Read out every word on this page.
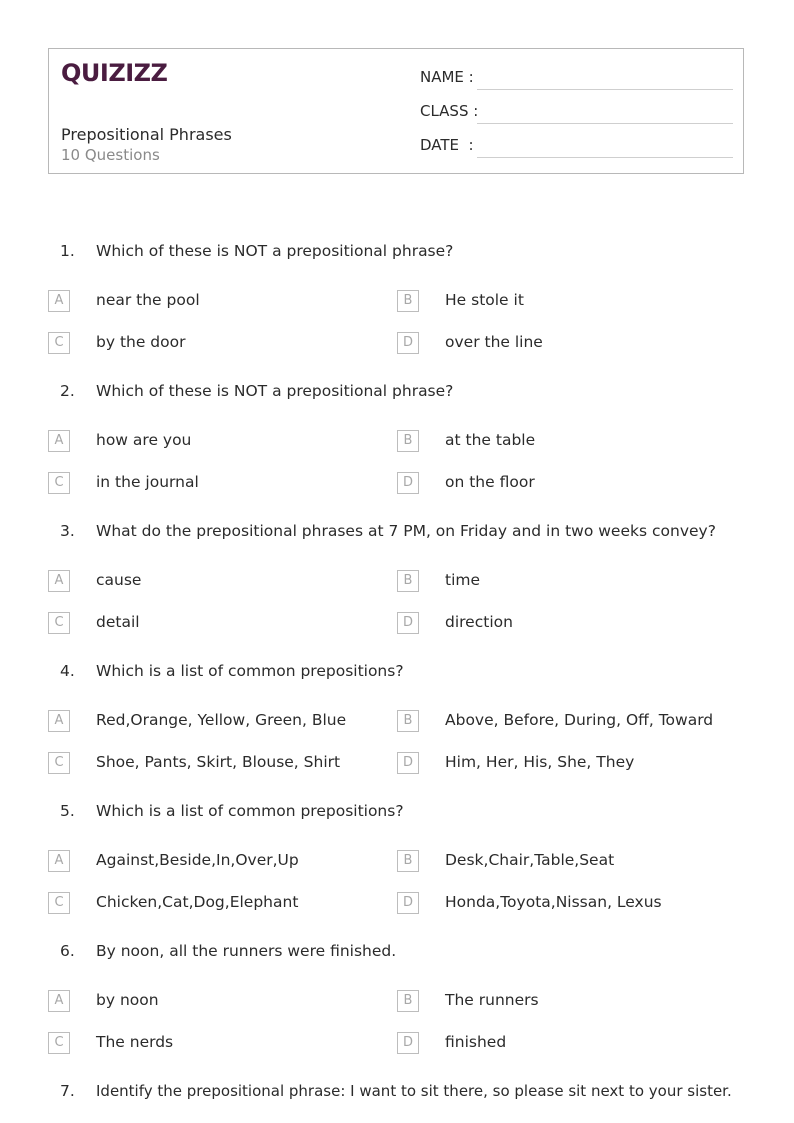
QUIZIZZ
Prepositional Phrases
10 Questions
NAME :
CLASS :
DATE  :
1. Which of these is NOT a prepositional phrase?
A	near the pool	B	He stole it
C	by the door	D	over the line
2. Which of these is NOT a prepositional phrase?
A	how are you	B	at the table
C	in the journal	D	on the floor
3. What do the prepositional phrases at 7 PM, on Friday and in two weeks convey?
A	cause	B	time
C	detail	D	direction
4. Which is a list of common prepositions?
A	Red,Orange, Yellow, Green, Blue	B	Above, Before, During, Off, Toward
C	Shoe, Pants, Skirt, Blouse, Shirt	D	Him, Her, His, She, They
5. Which is a list of common prepositions?
A	Against,Beside,In,Over,Up	B	Desk,Chair,Table,Seat
C	Chicken,Cat,Dog,Elephant	D	Honda,Toyota,Nissan, Lexus
6. By noon, all the runners were finished.
A	by noon	B	The runners
C	The nerds	D	finished
7. Identify the prepositional phrase: I want to sit there, so please sit next to your sister.
